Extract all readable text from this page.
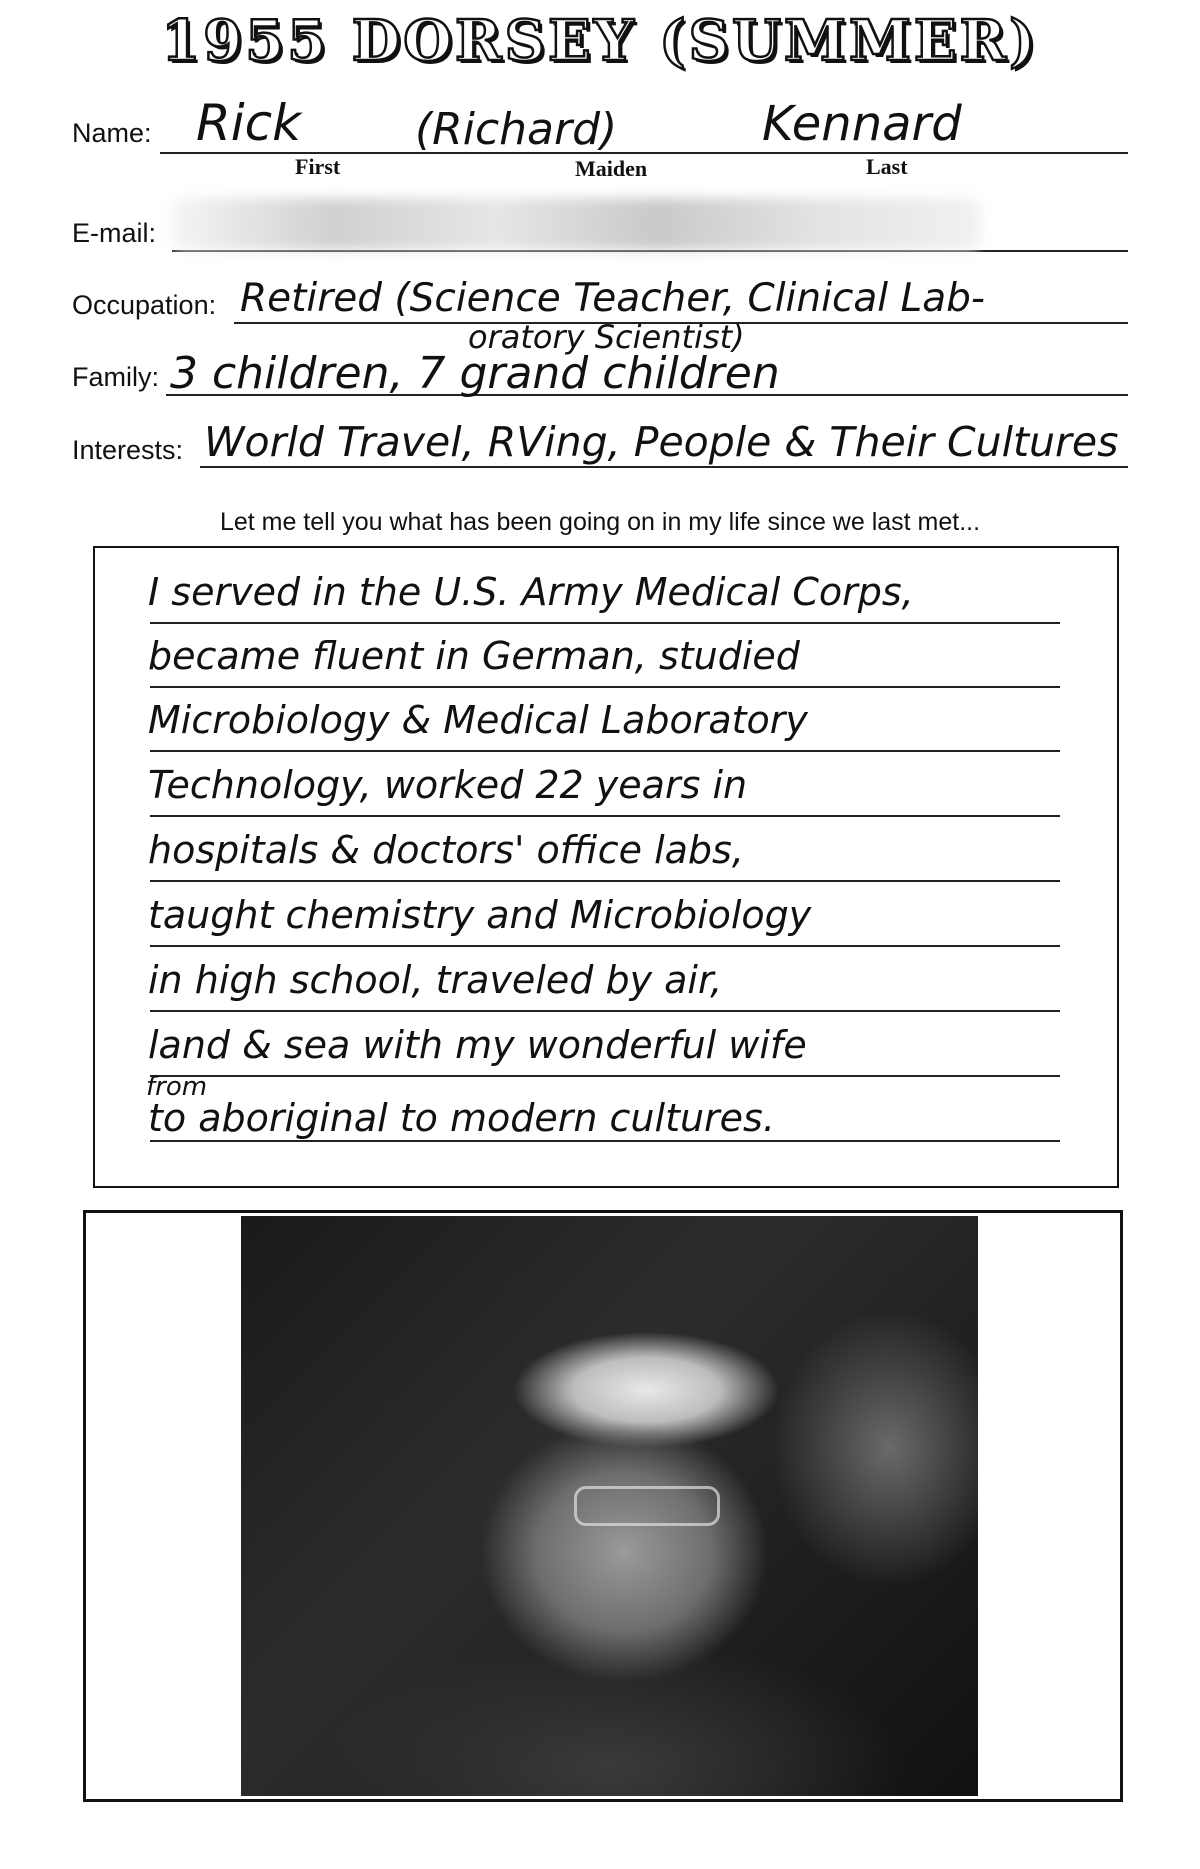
1955 DORSEY (SUMMER)
Name: Rick	(Richard)	Kennard
First	Maiden	Last
E-mail:
Occupation: Retired (Science Teacher, Clinical Lab-
oratory Scientist)
Family: 3 children, 7 grand children
Interests: World Travel, RVing, People & Their Cultures
Let me tell you what has been going on in my life since we last met...
I served in the U.S. Army Medical Corps,
became fluent in German, studied
Microbiology & Medical Laboratory
Technology, worked 22 years in
hospitals & doctors' office labs,
taught chemistry and Microbiology
in high school, traveled by air,
land & sea with my wonderful wife
from
to aboriginal to modern cultures.
